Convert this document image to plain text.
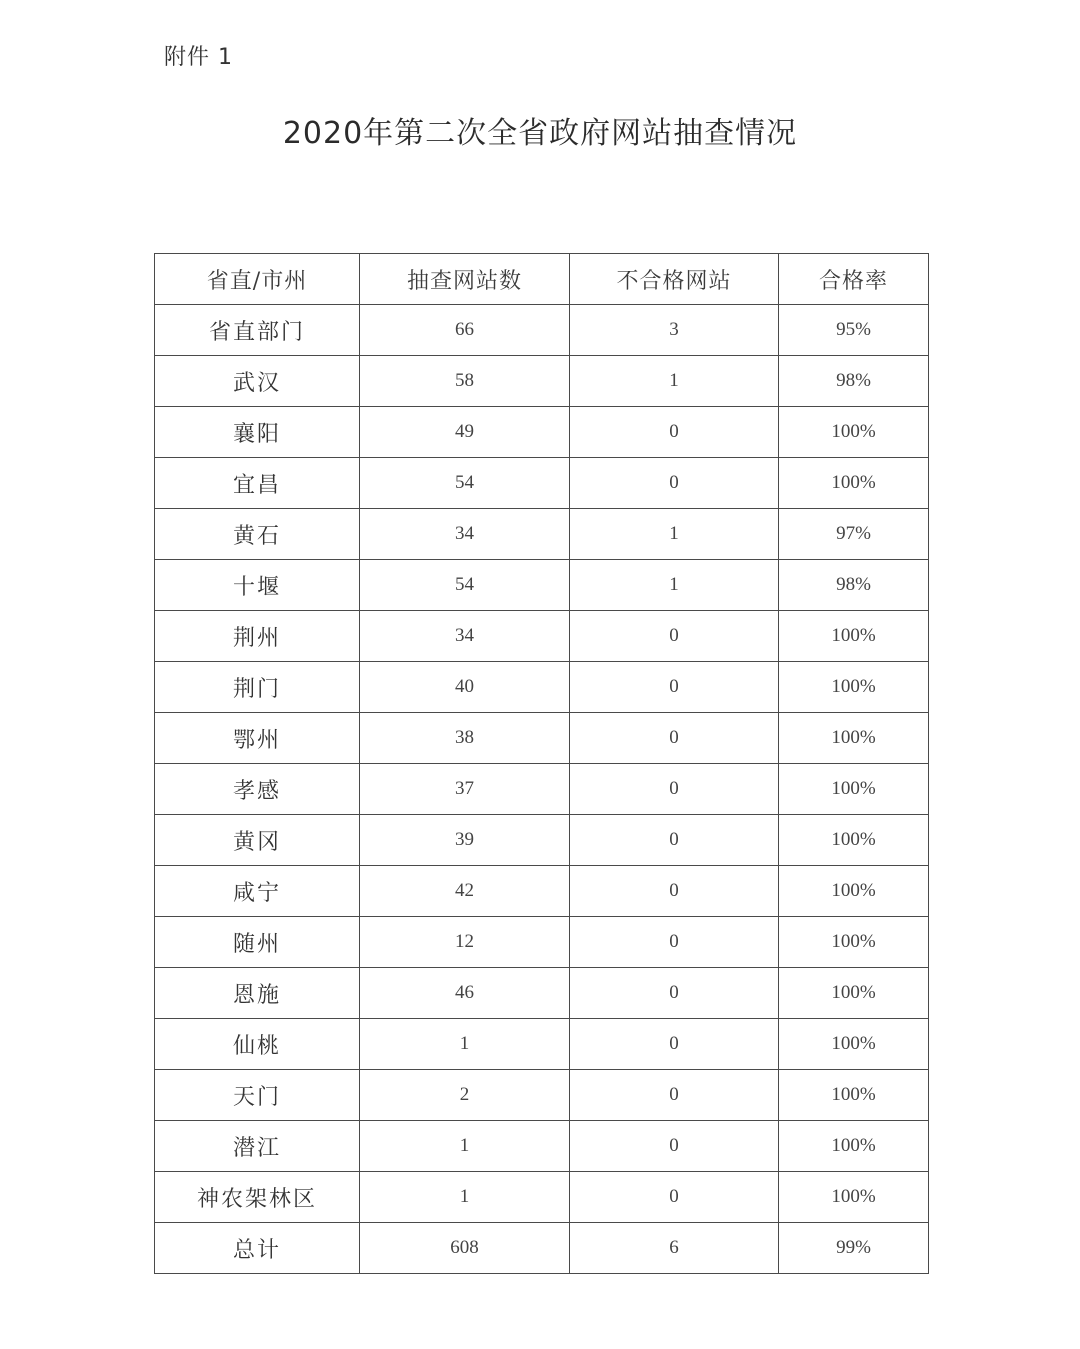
附件 1
2020年第二次全省政府网站抽查情况
省直/市州	抽查网站数	不合格网站	合格率
省直部门	66	3	95%
武汉	58	1	98%
襄阳	49	0	100%
宜昌	54	0	100%
黄石	34	1	97%
十堰	54	1	98%
荆州	34	0	100%
荆门	40	0	100%
鄂州	38	0	100%
孝感	37	0	100%
黄冈	39	0	100%
咸宁	42	0	100%
随州	12	0	100%
恩施	46	0	100%
仙桃	1	0	100%
天门	2	0	100%
潜江	1	0	100%
神农架林区	1	0	100%
总计	608	6	99%
